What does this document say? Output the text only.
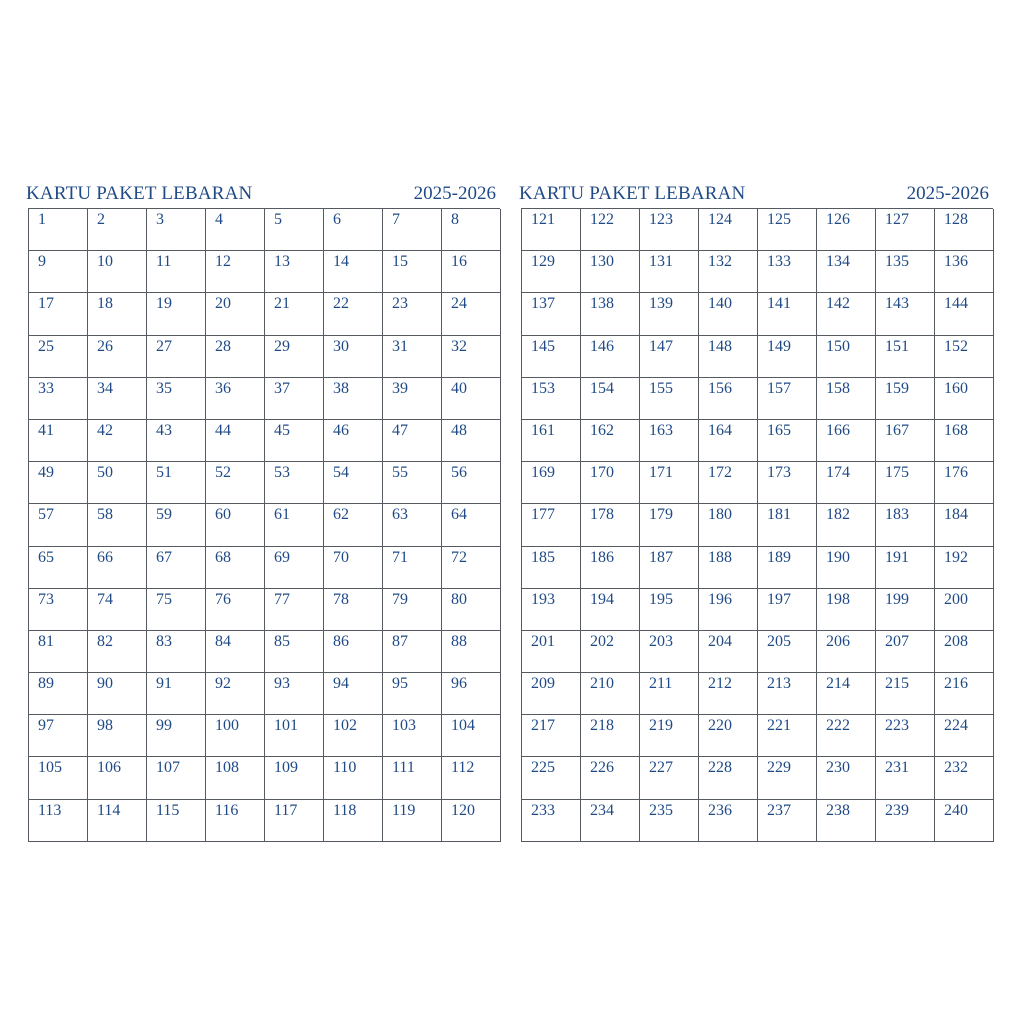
KARTU PAKET LEBARAN	2025-2026
1	2	3	4	5	6	7	8
9	10	11	12	13	14	15	16
17	18	19	20	21	22	23	24
25	26	27	28	29	30	31	32
33	34	35	36	37	38	39	40
41	42	43	44	45	46	47	48
49	50	51	52	53	54	55	56
57	58	59	60	61	62	63	64
65	66	67	68	69	70	71	72
73	74	75	76	77	78	79	80
81	82	83	84	85	86	87	88
89	90	91	92	93	94	95	96
97	98	99	100	101	102	103	104
105	106	107	108	109	110	111	112
113	114	115	116	117	118	119	120
KARTU PAKET LEBARAN	2025-2026
121	122	123	124	125	126	127	128
129	130	131	132	133	134	135	136
137	138	139	140	141	142	143	144
145	146	147	148	149	150	151	152
153	154	155	156	157	158	159	160
161	162	163	164	165	166	167	168
169	170	171	172	173	174	175	176
177	178	179	180	181	182	183	184
185	186	187	188	189	190	191	192
193	194	195	196	197	198	199	200
201	202	203	204	205	206	207	208
209	210	211	212	213	214	215	216
217	218	219	220	221	222	223	224
225	226	227	228	229	230	231	232
233	234	235	236	237	238	239	240
